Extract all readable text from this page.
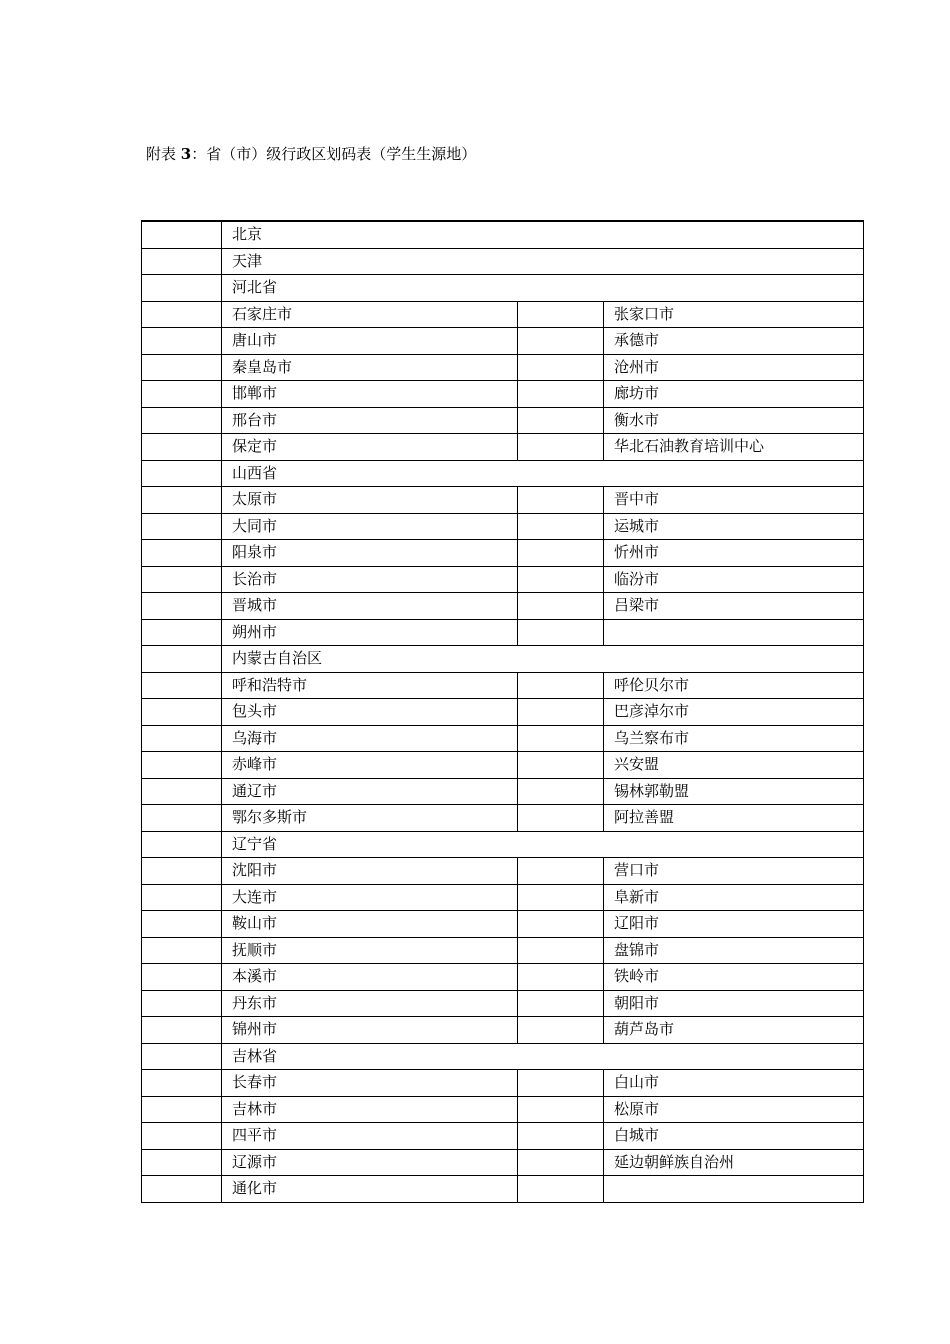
附表 3：省（市）级行政区划码表（学生生源地）
	北京		
	天津		
	河北省		
	石家庄市		张家口市
	唐山市		承德市
	秦皇岛市		沧州市
	邯郸市		廊坊市
	邢台市		衡水市
	保定市		华北石油教育培训中心
	山西省		
	太原市		晋中市
	大同市		运城市
	阳泉市		忻州市
	长治市		临汾市
	晋城市		吕梁市
	朔州市		
	内蒙古自治区		
	呼和浩特市		呼伦贝尔市
	包头市		巴彦淖尔市
	乌海市		乌兰察布市
	赤峰市		兴安盟
	通辽市		锡林郭勒盟
	鄂尔多斯市		阿拉善盟
	辽宁省		
	沈阳市		营口市
	大连市		阜新市
	鞍山市		辽阳市
	抚顺市		盘锦市
	本溪市		铁岭市
	丹东市		朝阳市
	锦州市		葫芦岛市
	吉林省		
	长春市		白山市
	吉林市		松原市
	四平市		白城市
	辽源市		延边朝鲜族自治州
	通化市		
